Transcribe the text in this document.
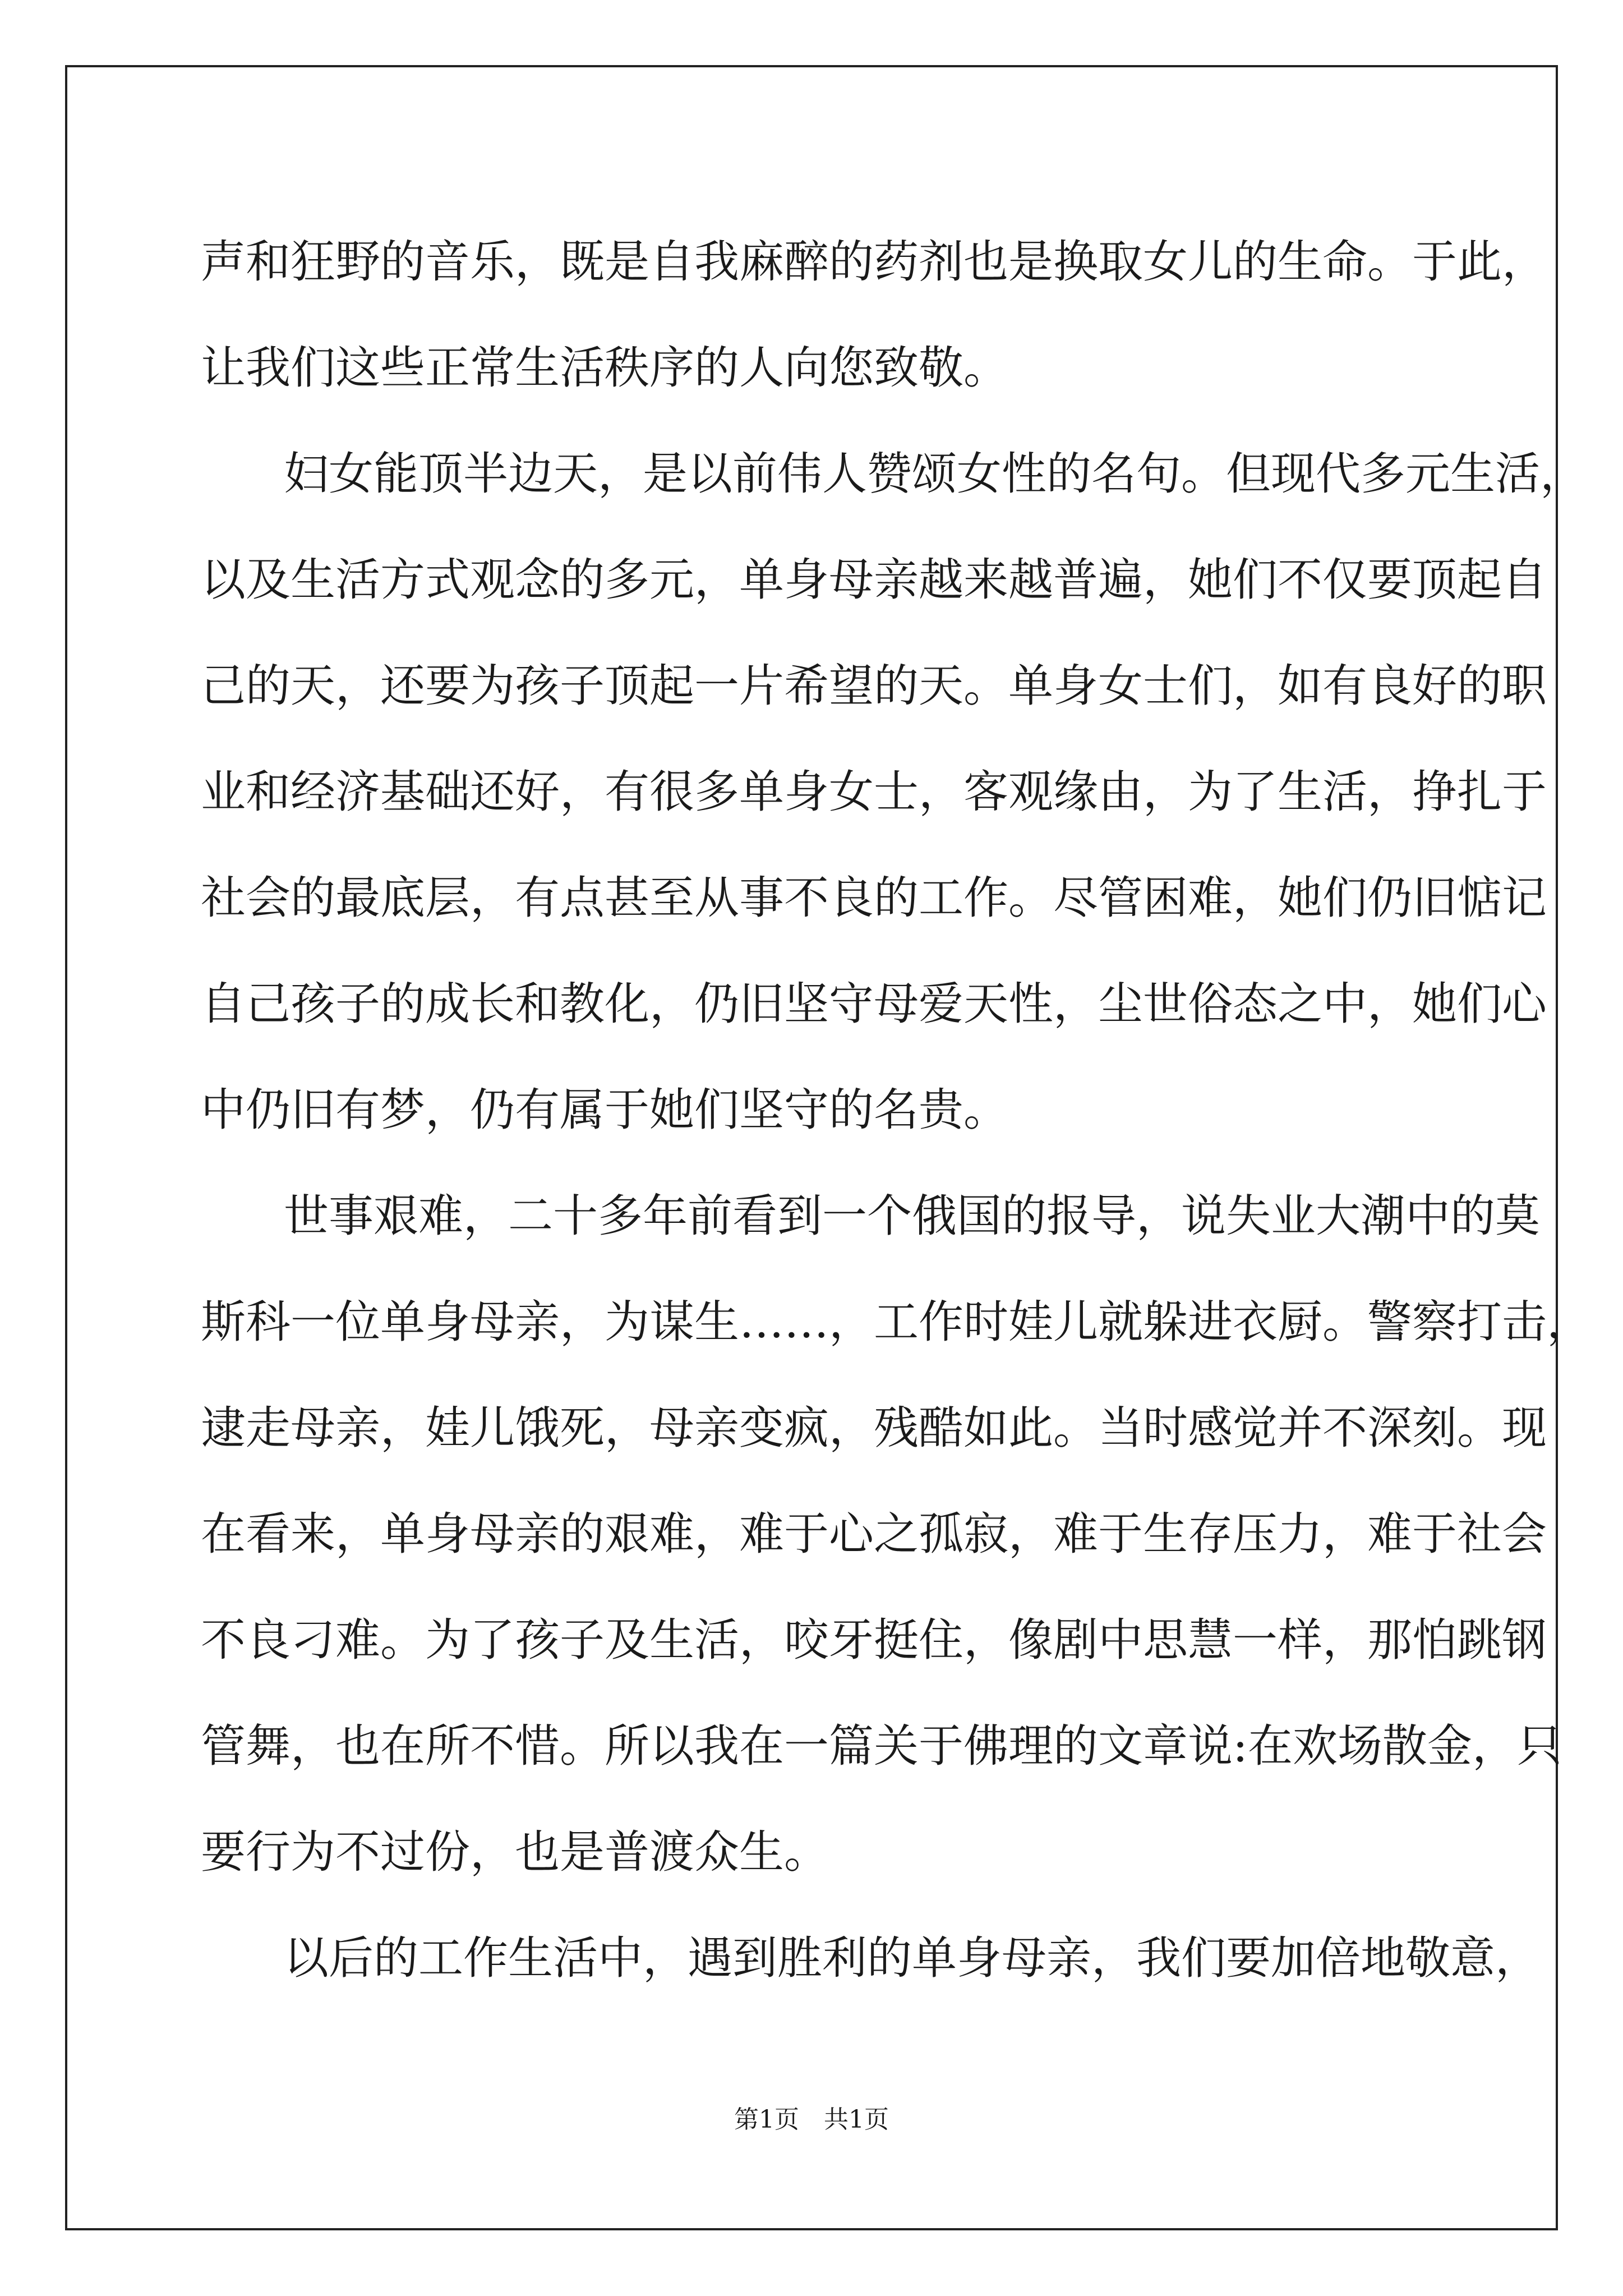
声和狂野的音乐，既是自我麻醉的药剂也是换取女儿的生命。于此，
让我们这些正常生活秩序的人向您致敬。
妇女能顶半边天，是以前伟人赞颂女性的名句。但现代多元生活，
以及生活方式观念的多元，单身母亲越来越普遍，她们不仅要顶起自
己的天，还要为孩子顶起一片希望的天。单身女士们，如有良好的职
业和经济基础还好，有很多单身女士，客观缘由，为了生活，挣扎于
社会的最底层，有点甚至从事不良的工作。尽管困难，她们仍旧惦记
自己孩子的成长和教化，仍旧坚守母爱天性，尘世俗态之中，她们心
中仍旧有梦，仍有属于她们坚守的名贵。
世事艰难，二十多年前看到一个俄国的报导，说失业大潮中的莫
斯科一位单身母亲，为谋生……，工作时娃儿就躲进衣厨。警察打击，
逮走母亲，娃儿饿死，母亲变疯，残酷如此。当时感觉并不深刻。现
在看来，单身母亲的艰难，难于心之孤寂，难于生存压力，难于社会
不良刁难。为了孩子及生活，咬牙挺住，像剧中思慧一样，那怕跳钢
管舞，也在所不惜。所以我在一篇关于佛理的文章说:在欢场散金，只
要行为不过份，也是普渡众生。
以后的工作生活中，遇到胜利的单身母亲，我们要加倍地敬意，
第1页　共1页
